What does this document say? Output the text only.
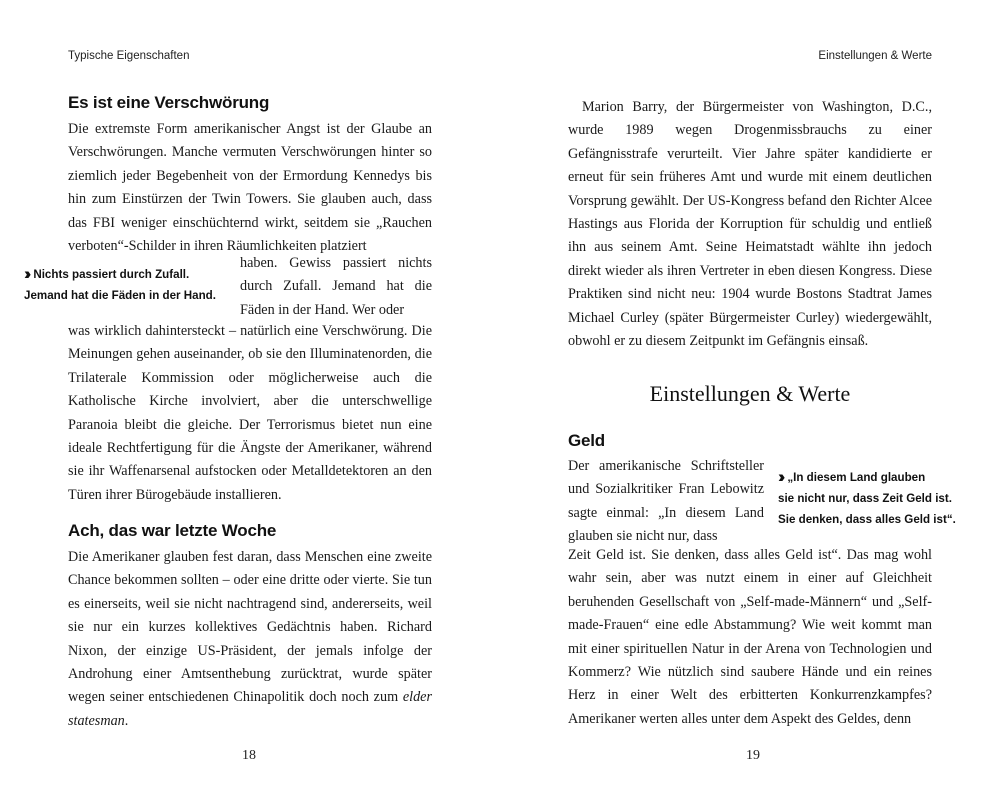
Typische Eigenschaften
Es ist eine Verschwörung

Die extremste Form amerikanischer Angst ist der Glaube an Verschwörungen. Manche vermuten Verschwörungen hinter so ziemlich jeder Begebenheit von der Ermordung Kennedys bis hin zum Einstürzen der Twin Towers. Sie glauben auch, dass das FBI weniger einschüchternd wirkt, seitdem sie „Rauchen verboten“-Schilder in ihren Räumlichkeiten platziert

haben. Gewiss passiert nichts durch Zufall. Jemand hat die Fäden in der Hand. Wer oder

›› Nichts passiert durch Zufall.
Jemand hat die Fäden in der Hand.

was wirklich dahintersteckt – natürlich eine Verschwörung. Die Meinungen gehen auseinander, ob sie den Illuminatenorden, die Trilaterale Kommission oder möglicherweise auch die Katholische Kirche involviert, aber die unterschwellige Paranoia bleibt die gleiche. Der Terrorismus bietet nun eine ideale Rechtfertigung für die Ängste der Amerikaner, während sie ihr Waffenarsenal aufstocken oder Metalldetektoren an den Türen ihrer Bürogebäude installieren.

Ach, das war letzte Woche

Die Amerikaner glauben fest daran, dass Menschen eine zweite Chance bekommen sollten – oder eine dritte oder vierte. Sie tun es einerseits, weil sie nicht nachtragend sind, andererseits, weil sie nur ein kurzes kollektives Gedächtnis haben. Richard Nixon, der einzige US-Präsident, der jemals infolge der Androhung einer Amtsenthebung zurücktrat, wurde später wegen seiner entschiedenen Chinapolitik doch noch zum elder statesman.

18
Einstellungen & Werte

Marion Barry, der Bürgermeister von Washington, D.C., wurde 1989 wegen Drogenmissbrauchs zu einer Gefängnisstrafe verurteilt. Vier Jahre später kandidierte er erneut für sein früheres Amt und wurde mit einem deutlichen Vorsprung gewählt. Der US-Kongress befand den Richter Alcee Hastings aus Florida der Korruption für schuldig und entließ ihn aus seinem Amt. Seine Heimatstadt wählte ihn jedoch direkt wieder als ihren Vertreter in eben diesen Kongress. Diese Praktiken sind nicht neu: 1904 wurde Bostons Stadtrat James Michael Curley (später Bürgermeister Curley) wiedergewählt, obwohl er zu diesem Zeitpunkt im Gefängnis einsaß.

Einstellungen & Werte
Geld

Der amerikanische Schriftsteller und Sozialkritiker Fran Lebowitz sagte einmal: „In diesem Land glauben sie nicht nur, dass

›› „In diesem Land glauben
sie nicht nur, dass Zeit Geld ist.
Sie denken, dass alles Geld ist“.

Zeit Geld ist. Sie denken, dass alles Geld ist“. Das mag wohl wahr sein, aber was nutzt einem in einer auf Gleichheit beruhenden Gesellschaft von „Self-made-Männern“ und „Self-made-Frauen“ eine edle Abstammung? Wie weit kommt man mit einer spirituellen Natur in der Arena von Technologien und Kommerz? Wie nützlich sind saubere Hände und ein reines Herz in einer Welt des erbitterten Konkurrenzkampfes? Amerikaner werten alles unter dem Aspekt des Geldes, denn

19
